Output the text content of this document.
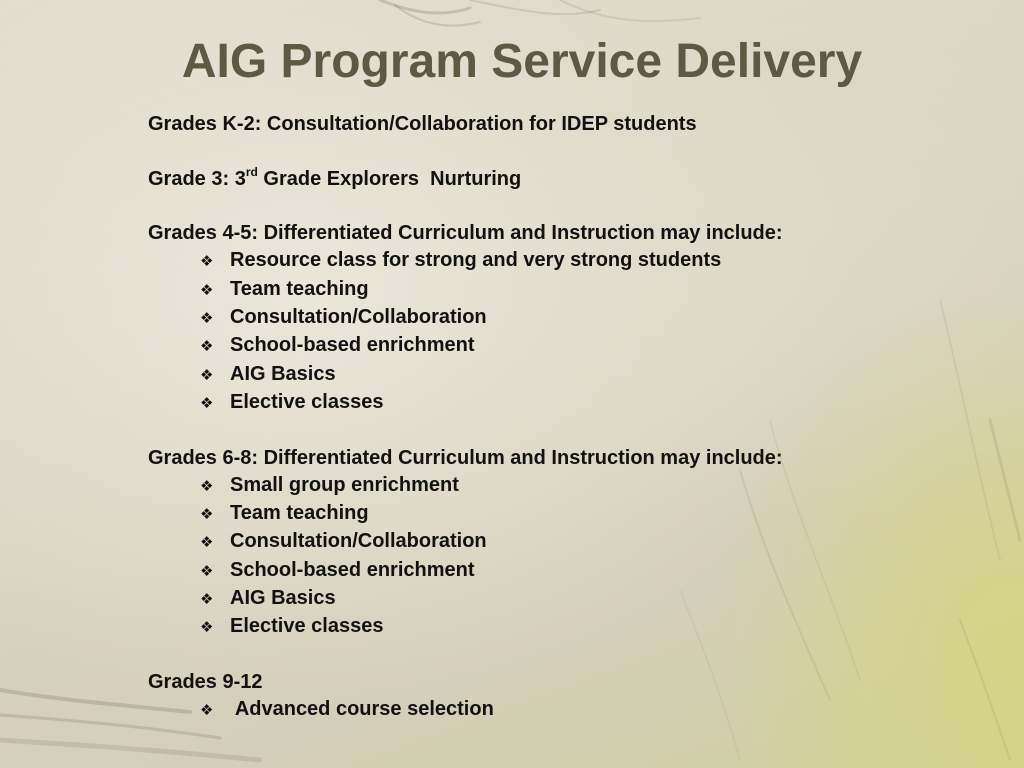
AIG Program Service Delivery

Grades K-2: Consultation/Collaboration for IDEP students

Grade 3: 3rd Grade Explorers  Nurturing

Grades 4-5: Differentiated Curriculum and Instruction may include:

❖ Resource class for strong and very strong students
❖ Team teaching
❖ Consultation/Collaboration
❖ School-based enrichment
❖ AIG Basics
❖ Elective classes

Grades 6-8: Differentiated Curriculum and Instruction may include:

❖ Small group enrichment
❖ Team teaching
❖ Consultation/Collaboration
❖ School-based enrichment
❖ AIG Basics
❖ Elective classes

Grades 9-12

❖ Advanced course selection
